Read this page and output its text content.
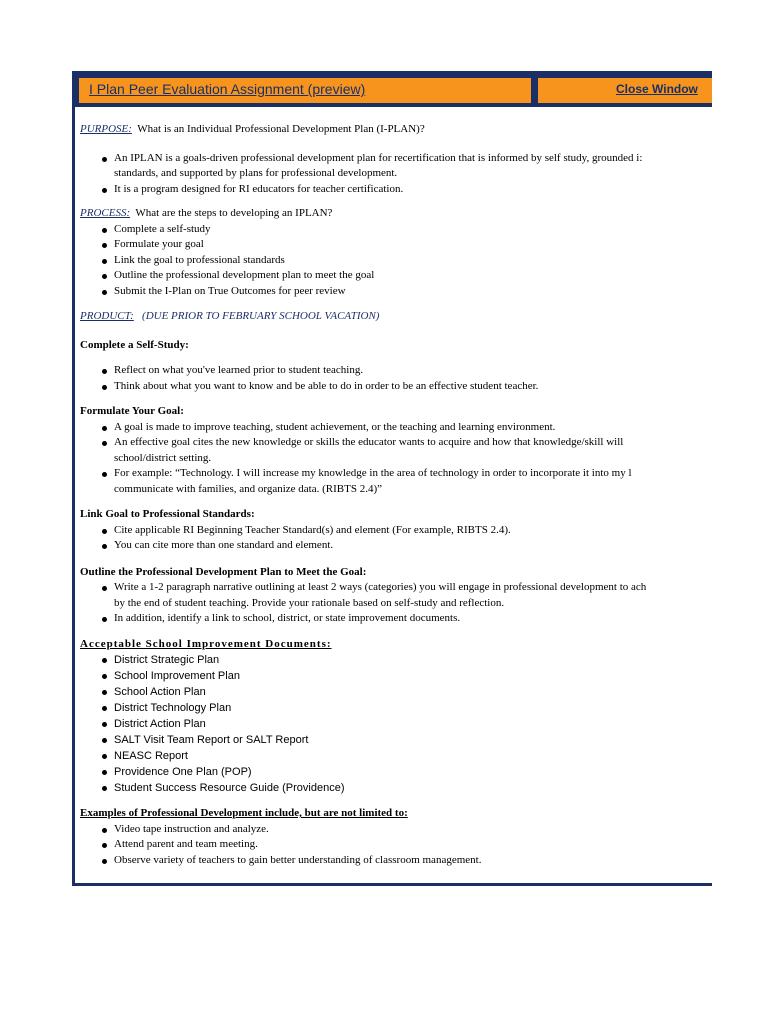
I Plan Peer Evaluation Assignment (preview)	Close Window

PURPOSE: What is an Individual Professional Development Plan (I-PLAN)?

An IPLAN is a goals-driven professional development plan for recertification that is informed by self study, grounded i:
standards, and supported by plans for professional development.
It is a program designed for RI educators for teacher certification.

PROCESS: What are the steps to developing an IPLAN?

Complete a self-study
Formulate your goal
Link the goal to professional standards
Outline the professional development plan to meet the goal
Submit the I-Plan on True Outcomes for peer review

PRODUCT: (DUE PRIOR TO FEBRUARY SCHOOL VACATION)

Complete a Self-Study:

Reflect on what you've learned prior to student teaching.
Think about what you want to know and be able to do in order to be an effective student teacher.

Formulate Your Goal:

A goal is made to improve teaching, student achievement, or the teaching and learning environment.
An effective goal cites the new knowledge or skills the educator wants to acquire and how that knowledge/skill will
school/district setting.
For example: “Technology. I will increase my knowledge in the area of technology in order to incorporate it into my l
communicate with families, and organize data. (RIBTS 2.4)”

Link Goal to Professional Standards:

Cite applicable RI Beginning Teacher Standard(s) and element (For example, RIBTS 2.4).
You can cite more than one standard and element.

Outline the Professional Development Plan to Meet the Goal:

Write a 1-2 paragraph narrative outlining at least 2 ways (categories) you will engage in professional development to ach
by the end of student teaching. Provide your rationale based on self-study and reflection.
In addition, identify a link to school, district, or state improvement documents.

Acceptable School Improvement Documents:

District Strategic Plan
School Improvement Plan
School Action Plan
District Technology Plan
District Action Plan
SALT Visit Team Report or SALT Report
NEASC Report
Providence One Plan (POP)
Student Success Resource Guide (Providence)

Examples of Professional Development include, but are not limited to:

Video tape instruction and analyze.
Attend parent and team meeting.
Observe variety of teachers to gain better understanding of classroom management.
